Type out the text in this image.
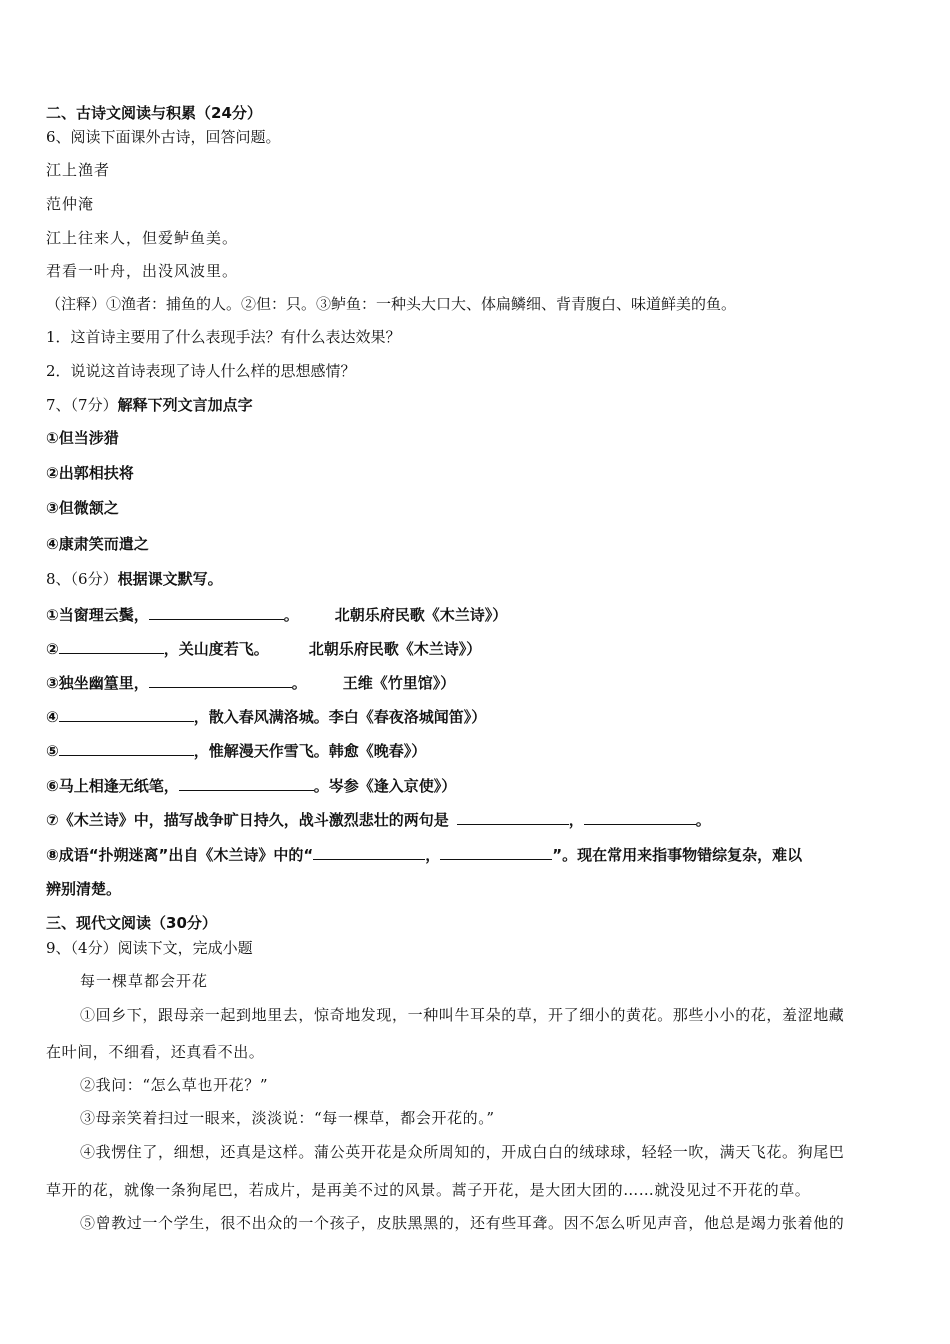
二、古诗文阅读与积累（24分）
6、阅读下面课外古诗，回答问题。
江上渔者
范仲淹
江上往来人，但爱鲈鱼美。
君看一叶舟，出没风波里。
（注释）①渔者：捕鱼的人。②但：只。③鲈鱼：一种头大口大、体扁鳞细、背青腹白、味道鲜美的鱼。
1．这首诗主要用了什么表现手法？有什么表达效果？
2．说说这首诗表现了诗人什么样的思想感情？
7、（7分）解释下列文言加点字
①但当涉猎
②出郭相扶将
③但微颔之
④康肃笑而遣之
8、（6分）根据课文默写。
①当窗理云鬓，	。 北朝乐府民歌《木兰诗》）
②	，关山度若飞。	北朝乐府民歌《木兰诗》）
③独坐幽篁里，	。 王维《竹里馆》）
④	，散入春风满洛城。李白《春夜洛城闻笛》）
⑤	，惟解漫天作雪飞。韩愈《晚春》）
⑥马上相逢无纸笔，	。岑参《逢入京使》）
⑦《木兰诗》中，描写战争旷日持久，战斗激烈悲壮的两句是	，	。
⑧成语“扑朔迷离”出自《木兰诗》中的“	，	”。现在常用来指事物错综复杂，难以
辨别清楚。
三、现代文阅读（30分）
9、（4分）阅读下文，完成小题
每一棵草都会开花
①回乡下，跟母亲一起到地里去，惊奇地发现，一种叫牛耳朵的草，开了细小的黄花。那些小小的花，羞涩地藏
在叶间，不细看，还真看不出。
②我问：“怎么草也开花？”
③母亲笑着扫过一眼来，淡淡说：“每一棵草，都会开花的。”
④我愣住了，细想，还真是这样。蒲公英开花是众所周知的，开成白白的绒球球，轻轻一吹，满天飞花。狗尾巴
草开的花，就像一条狗尾巴，若成片，是再美不过的风景。蒿子开花，是大团大团的……就没见过不开花的草。
⑤曾教过一个学生，很不出众的一个孩子，皮肤黑黑的，还有些耳聋。因不怎么听见声音，他总是竭力张着他的
